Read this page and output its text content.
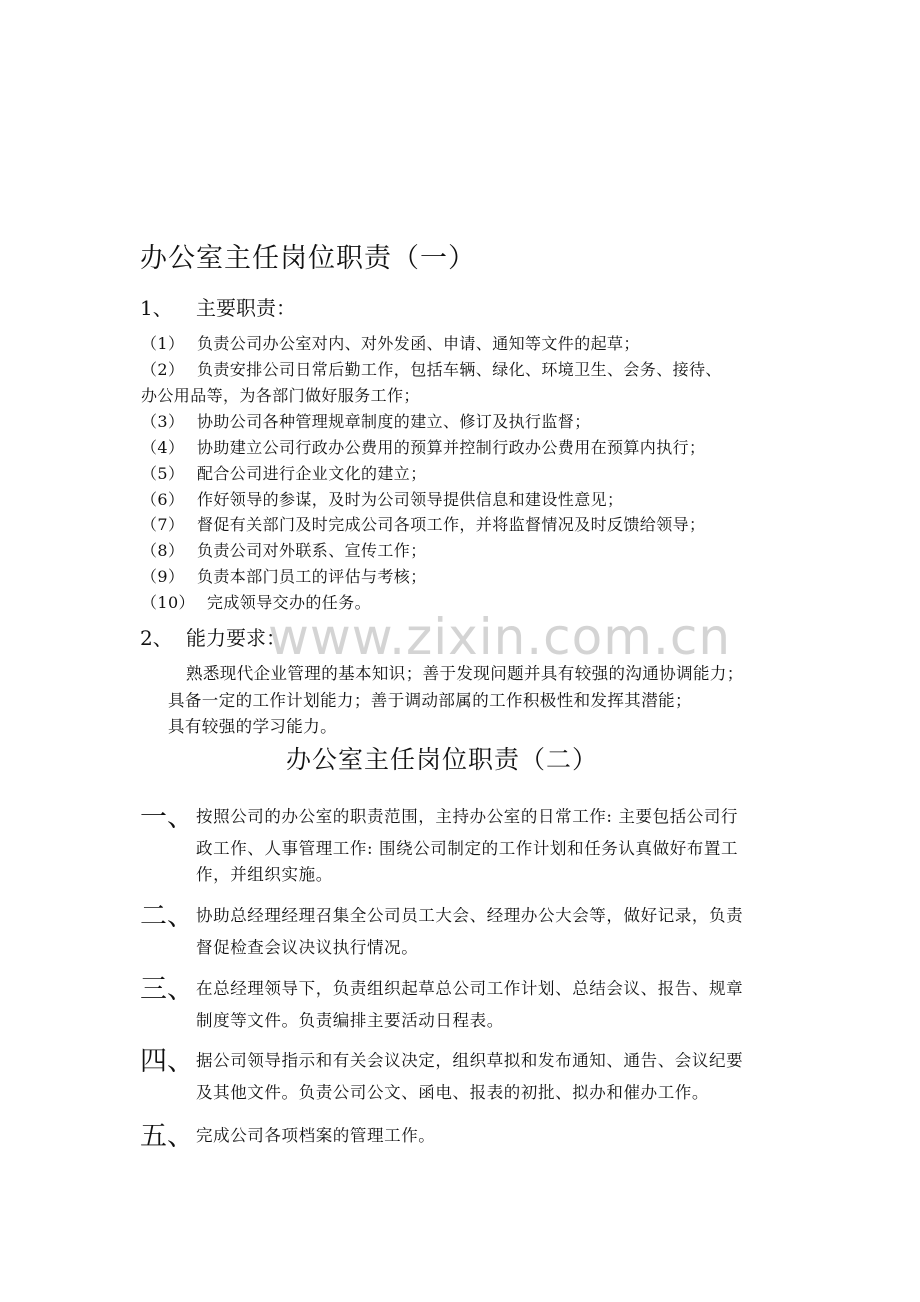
办公室主任岗位职责（一）
1、 主要职责：
（1） 负责公司办公室对内、对外发函、申请、通知等文件的起草；
（2） 负责安排公司日常后勤工作，包括车辆、绿化、环境卫生、会务、接待、
办公用品等，为各部门做好服务工作；
（3） 协助公司各种管理规章制度的建立、修订及执行监督；
（4） 协助建立公司行政办公费用的预算并控制行政办公费用在预算内执行；
（5） 配合公司进行企业文化的建立；
（6） 作好领导的参谋，及时为公司领导提供信息和建设性意见；
（7） 督促有关部门及时完成公司各项工作，并将监督情况及时反馈给领导；
（8） 负责公司对外联系、宣传工作；
（9） 负责本部门员工的评估与考核；
（10） 完成领导交办的任务。
2、 能力要求：
熟悉现代企业管理的基本知识；善于发现问题并具有较强的沟通协调能力；
具备一定的工作计划能力；善于调动部属的工作积极性和发挥其潜能；
具有较强的学习能力。
www.zixin.com.cn
办公室主任岗位职责（二）
一、 按照公司的办公室的职责范围，主持办公室的日常工作: 主要包括公司行
政工作、人事管理工作: 围绕公司制定的工作计划和任务认真做好布置工
作，并组织实施。
二、 协助总经理经理召集全公司员工大会、经理办公大会等，做好记录，负责
督促检查会议决议执行情况。
三、 在总经理领导下，负责组织起草总公司工作计划、总结会议、报告、规章
制度等文件。负责编排主要活动日程表。
四、 据公司领导指示和有关会议决定，组织草拟和发布通知、通告、会议纪要
及其他文件。负责公司公文、函电、报表的初批、拟办和催办工作。
五、 完成公司各项档案的管理工作。
